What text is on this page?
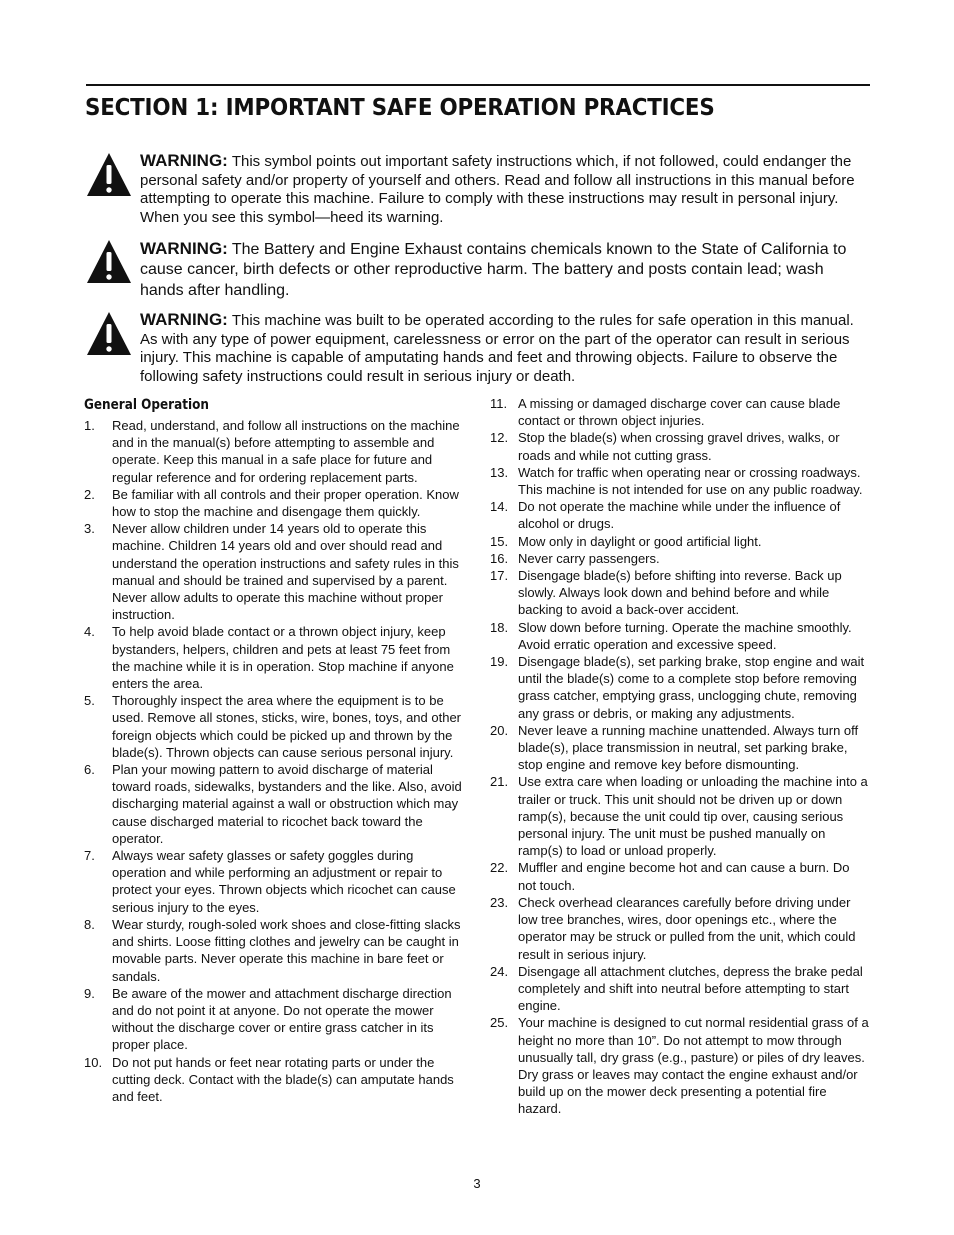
SECTION 1: IMPORTANT SAFE OPERATION PRACTICES
WARNING: This symbol points out important safety instructions which, if not followed, could endanger the personal safety and/or property of yourself and others. Read and follow all instructions in this manual before attempting to operate this machine. Failure to comply with these instructions may result in personal injury. When you see this symbol—heed its warning.
WARNING: The Battery and Engine Exhaust contains chemicals known to the State of California to cause cancer, birth defects or other reproductive harm. The battery and posts contain lead; wash hands after handling.
WARNING: This machine was built to be operated according to the rules for safe operation in this manual. As with any type of power equipment, carelessness or error on the part of the operator can result in serious injury. This machine is capable of amputating hands and feet and throwing objects. Failure to observe the following safety instructions could result in serious injury or death.
General Operation
1. Read, understand, and follow all instructions on the machine and in the manual(s) before attempting to assemble and operate. Keep this manual in a safe place for future and regular reference and for ordering replacement parts.
2. Be familiar with all controls and their proper operation. Know how to stop the machine and disengage them quickly.
3. Never allow children under 14 years old to operate this machine. Children 14 years old and over should read and understand the operation instructions and safety rules in this manual and should be trained and supervised by a parent. Never allow adults to operate this machine without proper instruction.
4. To help avoid blade contact or a thrown object injury, keep bystanders, helpers, children and pets at least 75 feet from the machine while it is in operation. Stop machine if anyone enters the area.
5. Thoroughly inspect the area where the equipment is to be used. Remove all stones, sticks, wire, bones, toys, and other foreign objects which could be picked up and thrown by the blade(s). Thrown objects can cause serious personal injury.
6. Plan your mowing pattern to avoid discharge of material toward roads, sidewalks, bystanders and the like. Also, avoid discharging material against a wall or obstruction which may cause discharged material to ricochet back toward the operator.
7. Always wear safety glasses or safety goggles during operation and while performing an adjustment or repair to protect your eyes. Thrown objects which ricochet can cause serious injury to the eyes.
8. Wear sturdy, rough-soled work shoes and close-fitting slacks and shirts. Loose fitting clothes and jewelry can be caught in movable parts. Never operate this machine in bare feet or sandals.
9. Be aware of the mower and attachment discharge direction and do not point it at anyone. Do not operate the mower without the discharge cover or entire grass catcher in its proper place.
10. Do not put hands or feet near rotating parts or under the cutting deck. Contact with the blade(s) can amputate hands and feet.
11. A missing or damaged discharge cover can cause blade contact or thrown object injuries.
12. Stop the blade(s) when crossing gravel drives, walks, or roads and while not cutting grass.
13. Watch for traffic when operating near or crossing roadways. This machine is not intended for use on any public roadway.
14. Do not operate the machine while under the influence of alcohol or drugs.
15. Mow only in daylight or good artificial light.
16. Never carry passengers.
17. Disengage blade(s) before shifting into reverse. Back up slowly. Always look down and behind before and while backing to avoid a back-over accident.
18. Slow down before turning. Operate the machine smoothly. Avoid erratic operation and excessive speed.
19. Disengage blade(s), set parking brake, stop engine and wait until the blade(s) come to a complete stop before removing grass catcher, emptying grass, unclogging chute, removing any grass or debris, or making any adjustments.
20. Never leave a running machine unattended. Always turn off blade(s), place transmission in neutral, set parking brake, stop engine and remove key before dismounting.
21. Use extra care when loading or unloading the machine into a trailer or truck. This unit should not be driven up or down ramp(s), because the unit could tip over, causing serious personal injury. The unit must be pushed manually on ramp(s) to load or unload properly.
22. Muffler and engine become hot and can cause a burn. Do not touch.
23. Check overhead clearances carefully before driving under low tree branches, wires, door openings etc., where the operator may be struck or pulled from the unit, which could result in serious injury.
24. Disengage all attachment clutches, depress the brake pedal completely and shift into neutral before attempting to start engine.
25. Your machine is designed to cut normal residential grass of a height no more than 10”. Do not attempt to mow through unusually tall, dry grass (e.g., pasture) or piles of dry leaves. Dry grass or leaves may contact the engine exhaust and/or build up on the mower deck presenting a potential fire hazard.
3
